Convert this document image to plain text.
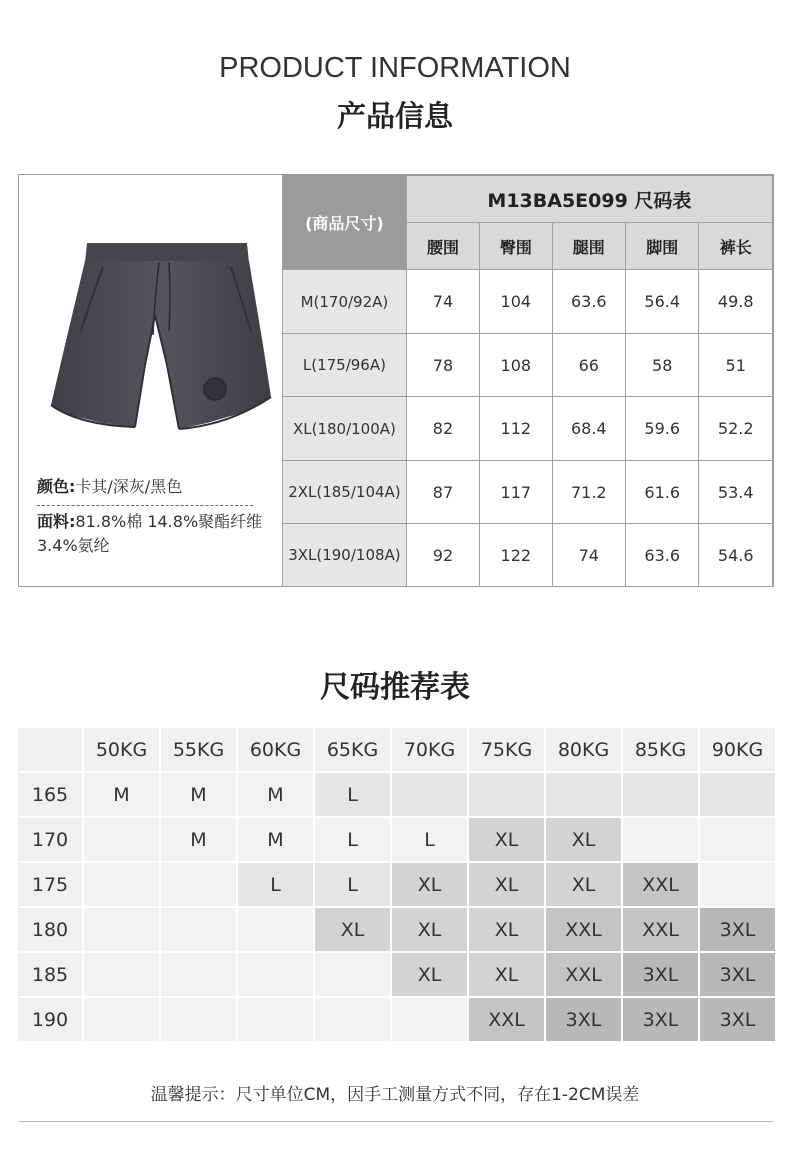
PRODUCT INFORMATION
产品信息
颜色:卡其/深灰/黑色
面料:81.8%棉 14.8%聚酯纤维 3.4%氨纶
(商品尺寸)	M13BA5E099 尺码表				
	腰围	臀围	腿围	脚围	裤长
M(170/92A)	74	104	63.6	56.4	49.8
L(175/96A)	78	108	66	58	51
XL(180/100A)	82	112	68.4	59.6	52.2
2XL(185/104A)	87	117	71.2	61.6	53.4
3XL(190/108A)	92	122	74	63.6	54.6
尺码推荐表
	50KG	55KG	60KG	65KG	70KG	75KG	80KG	85KG	90KG
165	M	M	M	L					
170		M	M	L	L	XL	XL		
175			L	L	XL	XL	XL	XXL	
180				XL	XL	XL	XXL	XXL	3XL
185					XL	XL	XXL	3XL	3XL
190						XXL	3XL	3XL	3XL
温馨提示：尺寸单位CM，因手工测量方式不同，存在1-2CM误差
